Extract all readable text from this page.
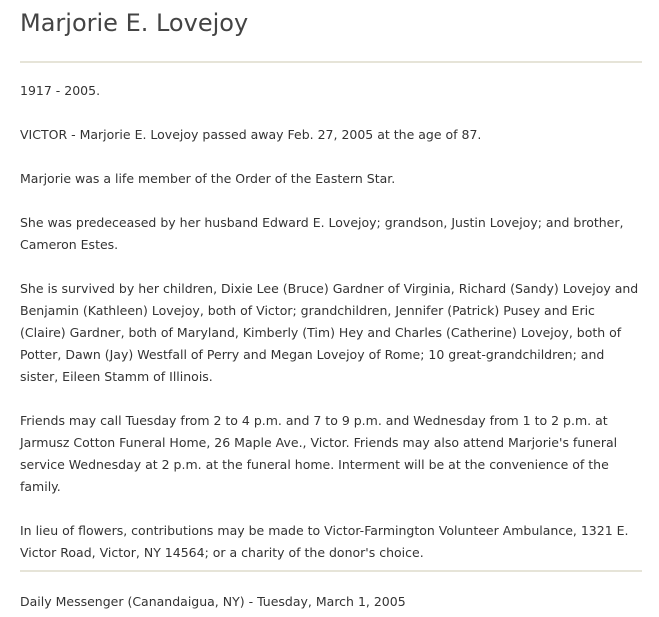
Marjorie E. Lovejoy

1917 - 2005.

VICTOR - Marjorie E. Lovejoy passed away Feb. 27, 2005 at the age of 87.

Marjorie was a life member of the Order of the Eastern Star.

She was predeceased by her husband Edward E. Lovejoy; grandson, Justin Lovejoy; and brother, Cameron Estes.

She is survived by her children, Dixie Lee (Bruce) Gardner of Virginia, Richard (Sandy) Lovejoy and Benjamin (Kathleen) Lovejoy, both of Victor; grandchildren, Jennifer (Patrick) Pusey and Eric (Claire) Gardner, both of Maryland, Kimberly (Tim) Hey and Charles (Catherine) Lovejoy, both of Potter, Dawn (Jay) Westfall of Perry and Megan Lovejoy of Rome; 10 great-grandchildren; and sister, Eileen Stamm of Illinois.

Friends may call Tuesday from 2 to 4 p.m. and 7 to 9 p.m. and Wednesday from 1 to 2 p.m. at Jarmusz Cotton Funeral Home, 26 Maple Ave., Victor. Friends may also attend Marjorie's funeral service Wednesday at 2 p.m. at the funeral home. Interment will be at the convenience of the family.

In lieu of flowers, contributions may be made to Victor-Farmington Volunteer Ambulance, 1321 E. Victor Road, Victor, NY 14564; or a charity of the donor's choice.

Daily Messenger (Canandaigua, NY) - Tuesday, March 1, 2005
